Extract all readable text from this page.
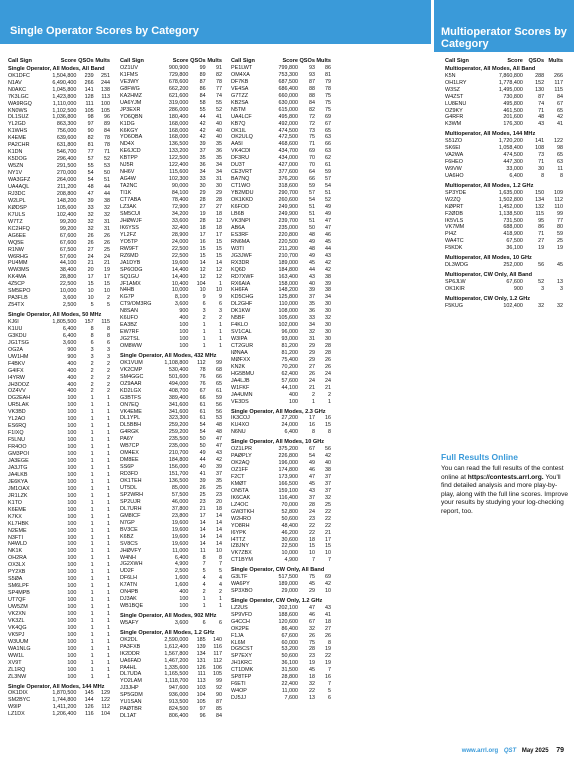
Single Operator Scores by Category	Multioperator Scores by Category
Call Sign	Score QSOs Mults
Single Operator, All Modes, All Band
OK1DFC	1,504,800	239	251
N1AV	6,490,400	266	244
N0AKC	1,045,800	141	138
7K3LGC	1,423,800	128	113
WA9RGQ	1,110,000	111	100
KN0WS	1,102,500	105	105
DL1SUZ	1,036,800	98	96
YL2GD	863,300	97	89
K1WHS	756,000	90	84
K4EME	639,600	82	78
PA2CHR	631,800	81	78
K1DN	546,700	77	71
K5DOG	296,400	57	52
W5ZN	291,500	55	53
NY1V	270,000	54	50
WA3GFZ	264,000	54	51
UA4AQL	211,200	48	44
RJ3DC	208,800	47	44
W2LPL	148,200	39	38
KØDSP	105,600	33	32
K7ULS	102,400	32	32
W7TZ	99,200	32	31
KC2HFQ	99,200	32	31
AG6EE	67,600	26	26
WQ5E	67,600	26	26
R1NW	67,500	27	25
W6RHG	57,600	24	24
PU4MM	44,100	21	21
WW3MS	38,400	20	19
KK4MA	28,800	17	17
4Z5CP	22,500	15	15
SM5EPO	10,000	10	10
PA3FLB	3,600	10	2
Z54TX	2,500	5	5
Single Operator, All Modes, 50 MHz
KJ6I	1,805,500	157	115
K1UU	6,400	8	8
G3KDU	6,400	8	8
JG1TSG	3,600	6	6
OG2A	900	3	3
UW1HM	900	3	3
F4BKV	400	2	2
G4IFX	400	2	2
I4YRW	400	2	2
JH3OOZ	400	2	2
OZ4VV	400	2	2
DG2EAH	100	1	1
UR5LAK	100	1	1
VK3BD	100	1	1
YL2AO	100	1	1
ES6RQ	100	1	1
F1IXQ	100	1	1
F5LNU	100	1	1
FR4OO	100	1	1
GM3POI	100	1	1
JA3EGE	100	1	1
JA3JTG	100	1	1
JA4LKB	100	1	1
JE6KYA	100	1	1
JM1OAX	100	1	1
JR1LZK	100	1	1
K1TO	100	1	1
K6EME	100	1	1
K7KX	100	1	1
KL7HBK	100	1	1
N2EME	100	1	1
N3FTI	100	1	1
N4WLD	100	1	1
NK1K	100	1	1
OH2RA	100	1	1
OX3LX	100	1	1
PY2XB	100	1	1
S5ØA	100	1	1
SM6LPF	100	1	1
SP4MPB	100	1	1
UT7QF	100	1	1
UW5ZM	100	1	1
VK2XN	100	1	1
VK3ZL	100	1	1
VK4QG	100	1	1
VK5PJ	100	1	1
W3UUM	100	1	1
WA1NLG	100	1	1
WW1L	100	1	1
XV9T	100	1	1
ZL1RQ	100	1	1
ZL3NW	100	1	1
Single Operator, All Modes, 144 MHz
OK1DIX	1,870,500	145	129
SM2BYC	1,744,800	144	122
W9IP	1,411,200	126	112
LZ1DX	1,206,400	116	104
Call Sign	Score QSOs Mults
OZ1UV	900,900	99	91
K1FMS	729,800	89	82
VE3WY	678,600	87	78
G8FWG	662,200	86	77
KA2HMZ	621,600	84	74
UA6YJM	319,000	58	55
JP3EXR	286,000	55	52
YO6QBN	180,400	44	41
K1DG	168,000	42	40
K6KGY	168,000	42	40
YO6OBA	168,000	42	40
ND4X	136,500	39	35
KE6JCD	133,200	37	36
KBTPP	122,500	35	35
NJ5R	122,400	36	34
NH6V	115,600	34	34
AG4W	102,300	33	31
TA2NC	90,000	30	30
TI1K	84,100	29	29
CT7ABA	78,400	28	28
LZ3AK	72,900	27	27
SM5CUI	34,200	19	18
JHØWJF	33,600	28	12
IK6YSS	32,400	18	18
YL2FZ	28,900	17	17
YO5TP	24,000	16	15
RW9FT	22,500	15	15
RZ6MD	22,500	15	15
JA1DYB	19,600	14	14
SP6ODG	14,400	12	12
SQ1GU	14,400	12	12
JF1AMX	10,400	104	1
N4HB	10,000	10	10
KG7P	8,100	9	9
CT9/OM3RG	3,600	6	6
N8SAN	900	3	3
K6UFO	400	2	2
EA3BZ	100	1	1
EW7RF	100	1	1
JG2TSL	100	1	1
OM8WW	100	1	1
Single Operator, All Modes, 432 MHz
OK1VUM	1,108,800	112	99
VK2CMP	530,400	78	68
SM4GGC	501,600	76	66
OZ9AAR	494,000	76	65
KD2LGX	408,700	67	61
G3BTFS	389,400	66	59
ON7EQ	341,600	61	56
VK4EME	341,600	61	56
DL1YPL	323,300	61	53
DL5BBH	259,200	54	48
G4RGK	259,200	54	48
PA6Y	235,500	50	47
WB7CP	235,000	50	47
OM4EX	210,700	49	43
DM8EE	184,800	44	42
SS6P	156,000	40	39
RD3FD	151,700	41	37
OK1TEH	136,500	39	35
UT5DL	85,000	26	25
SP2WRH	57,500	25	23
SP2UJR	46,000	23	20
DL7URH	37,800	21	18
GM8ICF	23,800	17	14
N7GP	19,600	14	14
BV3CE	19,600	14	14
K6BZ	19,600	14	14
SV8CS	19,600	14	14
JHØVFY	11,000	11	10
W4NH	6,400	8	8
JG2XWH	4,900	7	7
UD2F	2,500	5	5
DF6LH	1,600	4	4
K7ATN	1,600	4	4
ON4PB	400	2	2
DJ3AK	100	1	1
WB1BQE	100	1	1
Single Operator, All Modes, 902 MHz
W5AFY	3,600	6	6
Single Operator, All Modes, 1.2 GHz
OK2DL	2,590,000	185	140
PA3FXB	1,612,400	139	116
IK2DDR	1,567,800	134	117
UA6FAD	1,467,200	131	112
PA4HL	1,335,600	126	106
DL7UDA	1,165,500	111	105
YO2LAM	1,118,700	113	99
JJ3JHP	947,600	103	92
SP5GDM	936,000	104	90
YU1SAN	913,500	105	87
PAØTBR	824,500	97	85
DL1AT	806,400	96	84
Call Sign	Score QSOs Mults
PE1LWT	799,800	93	86
OM4XA	753,300	93	81
DF7KB	687,500	87	79
VE4SA	686,400	88	78
G7TZZ	660,000	88	75
KB2SA	630,000	84	75
N5TM	615,000	82	75
UA4LCF	495,800	72	69
KB7Q	492,000	72	67
OK1IL	474,500	73	65
OK2ULQ	472,500	75	63
AA5I	468,600	71	66
VK4CDI	434,700	69	63
DF3RU	434,000	70	62
DU3T	427,000	70	61
CE3VRT	377,600	64	59
BA7NQ	376,200	66	57
CT1WO	318,600	59	54
YB2MDU	290,700	57	51
OK1KKD	260,600	54	52
K6FOD	249,900	51	49
LB6B	249,900	51	49
VK3NPI	239,700	51	47
AB6A	235,000	50	47
ES3RF	220,800	48	46
RN6MA	220,500	49	45
W3TI	211,200	48	44
JG3JWF	210,700	49	43
RX3DR	189,000	45	42
KQ6D	184,800	44	42
RD7XWF	163,400	43	38
RX6AIA	158,000	40	39
KH6FA	148,200	39	38
KD5CHG	125,800	37	34
DL2GHF	110,000	35	30
DK1KW	108,000	36	30
N5BF	105,600	33	32
F4KLO	102,000	34	30
SV1CAL	96,000	32	30
W3IPA	93,000	31	30
CT2GUR	81,200	29	28
IØNAA	81,200	29	28
MØFXX	75,400	29	26
KN2K	70,200	27	26
HG5BMU	62,400	26	24
JA4LJB	57,600	24	24
W1FKF	44,100	21	21
JA4UMN	400	2	2
VE3DS	100	1	1
Single Operator, All Modes, 2.3 GHz
IK3COJ	27,200	17	16
KU4XO	24,000	16	15
N6NU	6,400	8	8
Single Operator, All Modes, 10 GHz
OZ1LPR	375,200	67	56
PAØPLY	226,800	54	42
OK2AQ	196,000	49	40
OZ1FF	174,800	46	38
F2CT	173,900	47	37
KMØT	166,500	45	37
ON5TA	159,100	43	37
IK6CAK	116,400	37	32
LZ4OC	70,000	28	25
GW3TKH	52,800	24	22
W2HRO	50,600	23	22
YO8RH	48,400	22	22
I6YPK	46,200	22	21
I4TTZ	30,600	18	17
IZ8JNY	22,500	15	15
VK7ZBX	10,000	10	10
CT1BYM	4,900	7	7
Single Operator, CW Only, All Band
G3LTF	517,500	75	69
WA6PY	189,000	45	42
SP3XBO	29,000	29	10
Single Operator, CW Only, 1.2 GHz
LZ2US	202,100	47	43
SP9VFD	188,600	46	41
G4CCH	120,600	67	18
OK2PE	86,400	32	27
F1JA	67,600	26	26
KL6M	60,000	75	8
DG5CST	53,200	28	19
SP7EXY	50,600	23	22
JH1KRC	36,100	19	19
CT1DMK	31,500	45	7
SP8TFP	28,800	18	16
F6ETI	22,400	32	7
W4OP	11,000	22	5
DJ5JJ	7,600	13	6
Call Sign	Score	QSOs Mults
Multioperator, All Modes, All Band
K5N	7,860,800	288	266
OH1LRY	1,778,400	152	117
W3SZ	1,495,000	130	115
W4ZST	730,800	87	84
LU8ENU	495,800	74	67
OZ9KY	461,500	71	65
G4RFR	201,600	48	42
K3WM	176,300	43	41
Multioperator, All Modes, 144 MHz
S51ZO	1,720,200	141	122
SK6EI	1,058,400	108	98
VA2WA	474,500	73	65
F6HEO	447,300	71	63
W9VW	33,000	30	11
UA6HO	6,400	8	8
Multioperator, All Modes, 1.2 GHz
SP3YDE	1,635,000	150	109
W2ZQ	1,502,800	134	112
KØPRT	1,452,000	132	110
F2ØDB	1,138,500	115	99
IK5VLS	731,500	95	77
VK7MM	688,000	86	80
PI4Z	418,900	71	59
WA4TC	67,500	27	25
F5KDK	36,100	19	19
Multioperator, All Modes, 10 GHz
DL3WDG	252,000	56	45
Multioperator, CW Only, All Band
SP6JLW	67,600	52	13
OK1KIR	900	3	3
Multioperator, CW Only, 1.2 GHz
F5KUG	102,400	32	32
Full Results Online

You can read the full results of the contest online at https://contests.arrl.org. You'll find detailed analysis and more play-by-play, along with the full line scores. Improve your results by studying your log-checking report, too.

www.arrl.org QST May 2025 79
